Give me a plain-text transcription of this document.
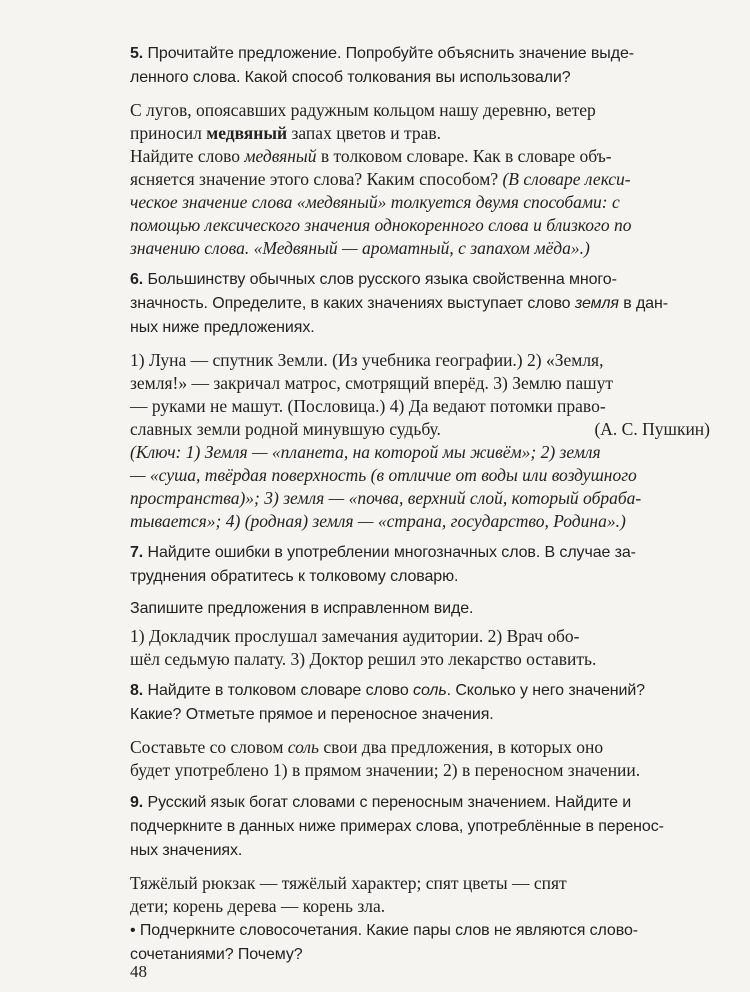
5. Прочитайте предложение. Попробуйте объяснить значение выде-
ленного слова. Какой способ толкования вы использовали?
С лугов, опоясавших радужным кольцом нашу деревню, ветер
приносил медвяный запах цветов и трав.
Найдите слово медвяный в толковом словаре. Как в словаре объ-
ясняется значение этого слова? Каким способом? (В словаре лекси-
ческое значение слова «медвяный» толкуется двумя способами: с
помощью лексического значения однокоренного слова и близкого по
значению слова. «Медвяный — ароматный, с запахом мёда».)
6. Большинству обычных слов русского языка свойственна много-
значность. Определите, в каких значениях выступает слово земля в дан-
ных ниже предложениях.
1) Луна — спутник Земли. (Из учебника географии.) 2) «Земля,
земля!» — закричал матрос, смотрящий вперёд. 3) Землю пашут
— руками не машут. (Пословица.) 4) Да ведают потомки право-
славных земли родной минувшую судьбу.	(А. С. Пушкин)
(Ключ: 1) Земля — «планета, на которой мы живём»; 2) земля
— «суша, твёрдая поверхность (в отличие от воды или воздушного
пространства)»; 3) земля — «почва, верхний слой, который обраба-
тывается»; 4) (родная) земля — «страна, государство, Родина».)
7. Найдите ошибки в употреблении многозначных слов. В случае за-
труднения обратитесь к толковому словарю.
Запишите предложения в исправленном виде.
1) Докладчик прослушал замечания аудитории. 2) Врач обо-
шёл седьмую палату. 3) Доктор решил это лекарство оставить.
8. Найдите в толковом словаре слово соль. Сколько у него значений?
Какие? Отметьте прямое и переносное значения.
Составьте со словом соль свои два предложения, в которых оно
будет употреблено 1) в прямом значении; 2) в переносном значении.
9. Русский язык богат словами с переносным значением. Найдите и
подчеркните в данных ниже примерах слова, употреблённые в перенос-
ных значениях.
Тяжёлый рюкзак — тяжёлый характер; спят цветы — спят
дети; корень дерева — корень зла.
• Подчеркните словосочетания. Какие пары слов не являются слово-
сочетаниями? Почему?
48
